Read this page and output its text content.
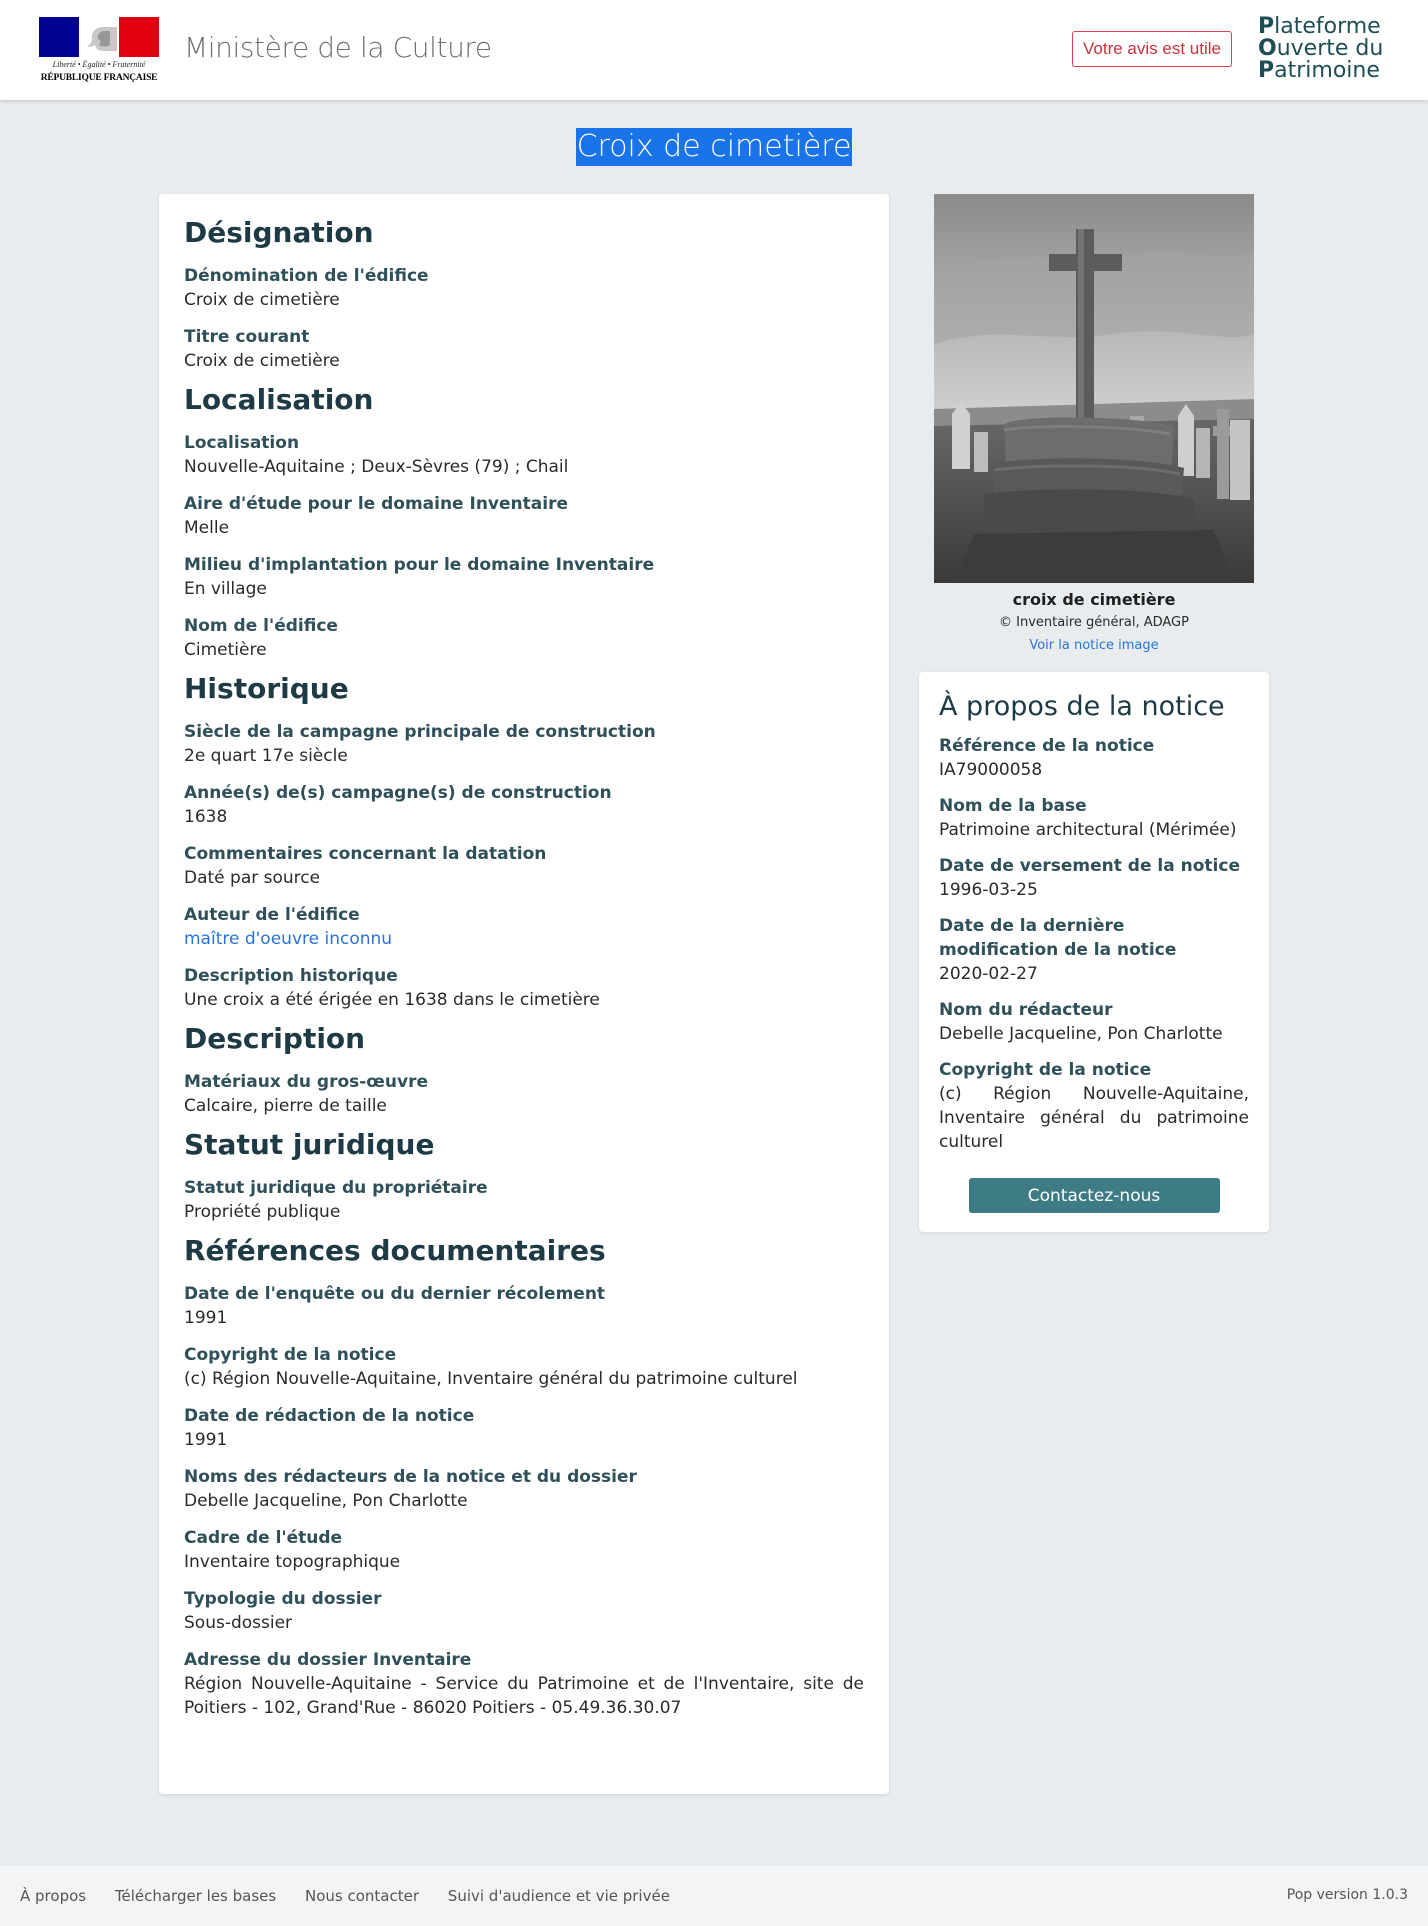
Liberté • Égalité • Fraternité
RÉPUBLIQUE FRANÇAISE
Ministère de la Culture	Votre avis est utile
Plateforme
Ouverte du
Patrimoine
Croix de cimetière
Désignation
Dénomination de l'édifice
Croix de cimetière
Titre courant
Croix de cimetière
Localisation
Localisation
Nouvelle-Aquitaine ; Deux-Sèvres (79) ; Chail
Aire d'étude pour le domaine Inventaire
Melle
Milieu d'implantation pour le domaine Inventaire
En village
Nom de l'édifice
Cimetière
Historique
Siècle de la campagne principale de construction
2e quart 17e siècle
Année(s) de(s) campagne(s) de construction
1638
Commentaires concernant la datation
Daté par source
Auteur de l'édifice
maître d'oeuvre inconnu
Description historique
Une croix a été érigée en 1638 dans le cimetière
Description
Matériaux du gros-œuvre
Calcaire, pierre de taille
Statut juridique
Statut juridique du propriétaire
Propriété publique
Références documentaires
Date de l'enquête ou du dernier récolement
1991
Copyright de la notice
(c) Région Nouvelle-Aquitaine, Inventaire général du patrimoine culturel
Date de rédaction de la notice
1991
Noms des rédacteurs de la notice et du dossier
Debelle Jacqueline, Pon Charlotte
Cadre de l'étude
Inventaire topographique
Typologie du dossier
Sous-dossier
Adresse du dossier Inventaire
Région Nouvelle-Aquitaine - Service du Patrimoine et de l'Inventaire, site de Poitiers - 102, Grand'Rue - 86020 Poitiers - 05.49.36.30.07
croix de cimetière
© Inventaire général, ADAGP
Voir la notice image
À propos de la notice
Référence de la notice
IA79000058
Nom de la base
Patrimoine architectural (Mérimée)
Date de versement de la notice
1996-03-25
Date de la dernière modification de la notice
2020-02-27
Nom du rédacteur
Debelle Jacqueline, Pon Charlotte
Copyright de la notice
(c) Région Nouvelle-Aquitaine, Inventaire général du patrimoine culturel
Contactez-nous
À propos Télécharger les bases Nous contacter Suivi d'audience et vie privée	Pop version 1.0.3
